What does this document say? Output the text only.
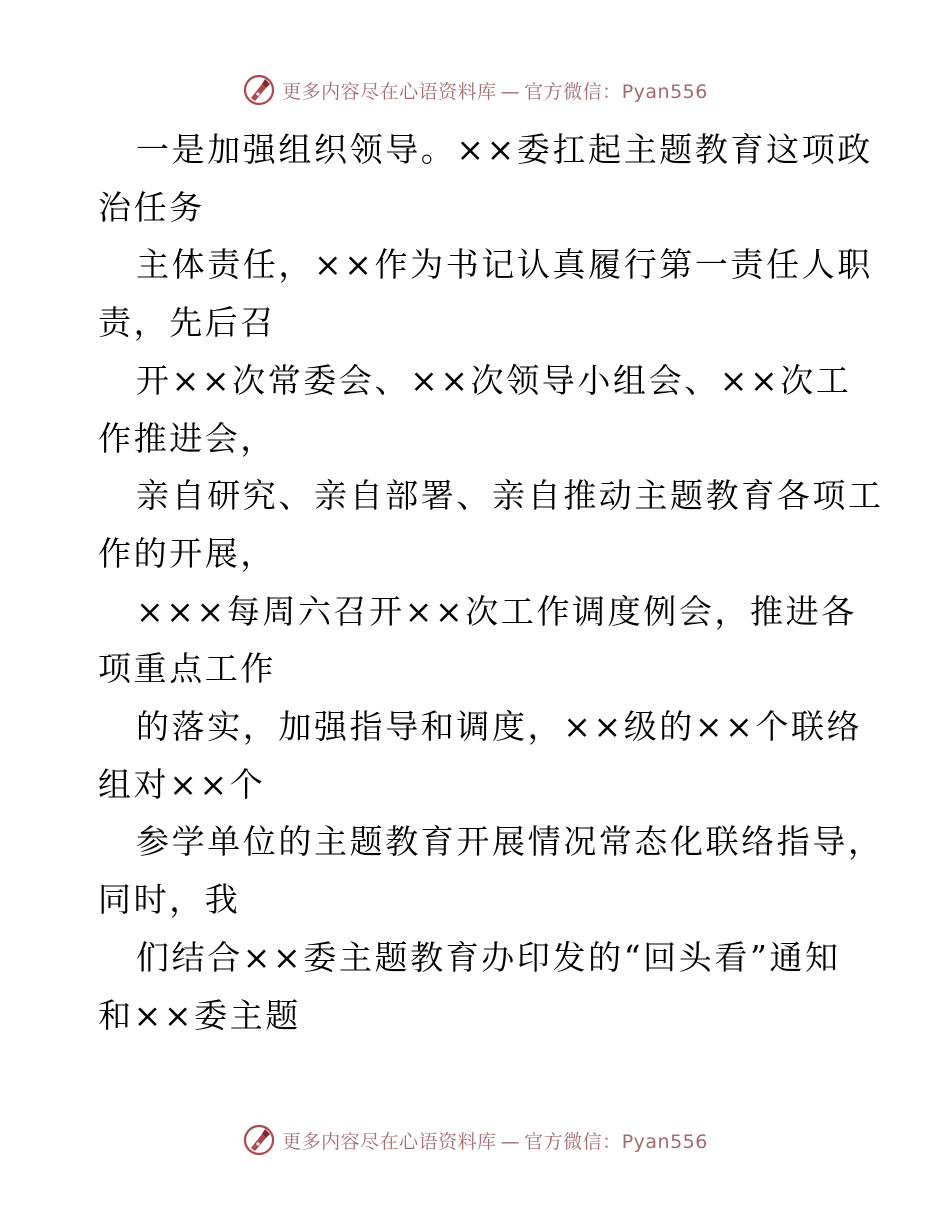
更多内容尽在心语资料库 — 官方微信：Pyan556

一是加强组织领导。××委扛起主题教育这项政
治任务

主体责任，××作为书记认真履行第一责任人职
责，先后召

开××次常委会、××次领导小组会、××次工
作推进会，

亲自研究、亲自部署、亲自推动主题教育各项工
作的开展，

×××每周六召开××次工作调度例会，推进各
项重点工作

的落实，加强指导和调度，××级的××个联络
组对××个

参学单位的主题教育开展情况常态化联络指导，
同时，我

们结合××委主题教育办印发的“回头看”通知
和××委主题

更多内容尽在心语资料库 — 官方微信：Pyan556
